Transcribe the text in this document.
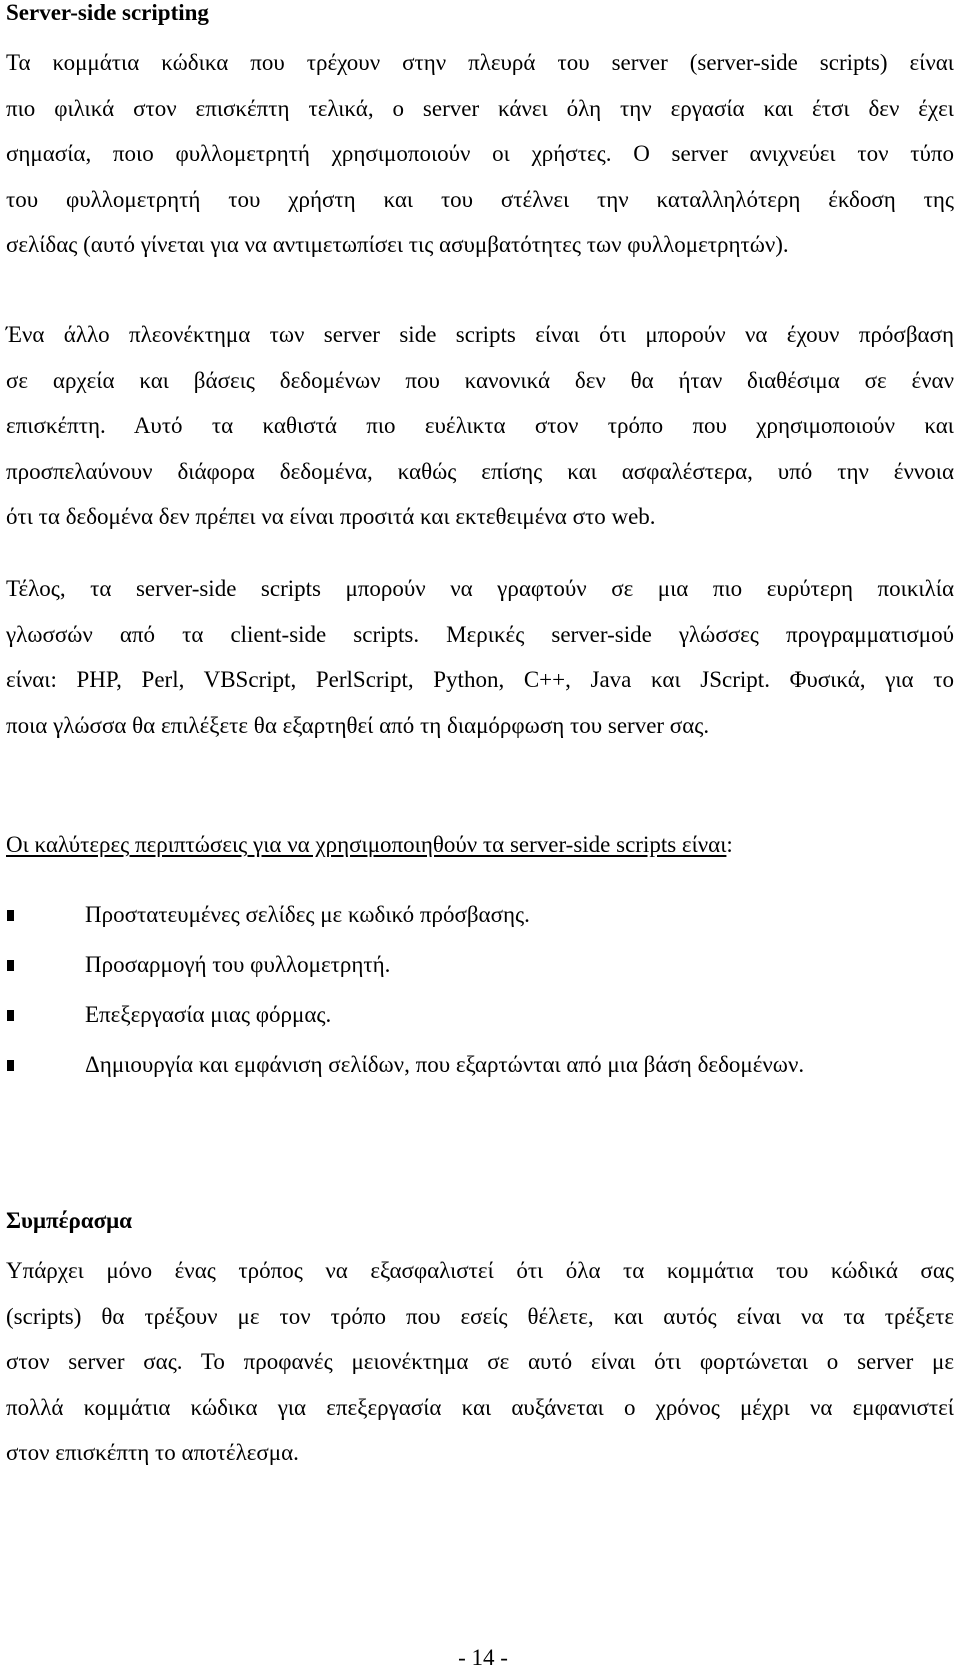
Server-side scripting
Τα κομμάτια κώδικα που τρέχουν στην πλευρά του server (server-side scripts) είναι
πιο φιλικά στον επισκέπτη τελικά, ο server κάνει όλη την εργασία και έτσι δεν έχει
σημασία, ποιο φυλλομετρητή χρησιμοποιούν οι χρήστες. Ο server ανιχνεύει τον τύπο
του φυλλομετρητή του χρήστη και του στέλνει την καταλληλότερη έκδοση της
σελίδας (αυτό γίνεται για να αντιμετωπίσει τις ασυμβατότητες των φυλλομετρητών).
Ένα άλλο πλεονέκτημα των server side scripts είναι ότι μπορούν να έχουν πρόσβαση
σε αρχεία και βάσεις δεδομένων που κανονικά δεν θα ήταν διαθέσιμα σε έναν
επισκέπτη. Αυτό τα καθιστά πιο ευέλικτα στον τρόπο που χρησιμοποιούν και
προσπελαύνουν διάφορα δεδομένα, καθώς επίσης και ασφαλέστερα, υπό την έννοια
ότι τα δεδομένα δεν πρέπει να είναι προσιτά και εκτεθειμένα στο web.
Τέλος, τα server-side scripts μπορούν να γραφτούν σε μια πιο ευρύτερη ποικιλία
γλωσσών από τα client-side scripts. Μερικές server-side γλώσσες προγραμματισμού
είναι: PHP, Perl, VBScript, PerlScript, Python, C++, Java και JScript. Φυσικά, για το
ποια γλώσσα θα επιλέξετε θα εξαρτηθεί από τη διαμόρφωση του server σας.

Οι καλύτερες περιπτώσεις για να χρησιμοποιηθούν τα server-side scripts είναι:

Προστατευμένες σελίδες με κωδικό πρόσβασης.
Προσαρμογή του φυλλομετρητή.
Επεξεργασία μιας φόρμας.
Δημιουργία και εμφάνιση σελίδων, που εξαρτώνται από μια βάση δεδομένων.
Συμπέρασμα
Υπάρχει μόνο ένας τρόπος να εξασφαλιστεί ότι όλα τα κομμάτια του κώδικά σας
(scripts) θα τρέξουν με τον τρόπο που εσείς θέλετε, και αυτός είναι να τα τρέξετε
στον server σας. Το προφανές μειονέκτημα σε αυτό είναι ότι φορτώνεται ο server με
πολλά κομμάτια κώδικα για επεξεργασία και αυξάνεται ο χρόνος μέχρι να εμφανιστεί
στον επισκέπτη το αποτέλεσμα.
- 14 -
